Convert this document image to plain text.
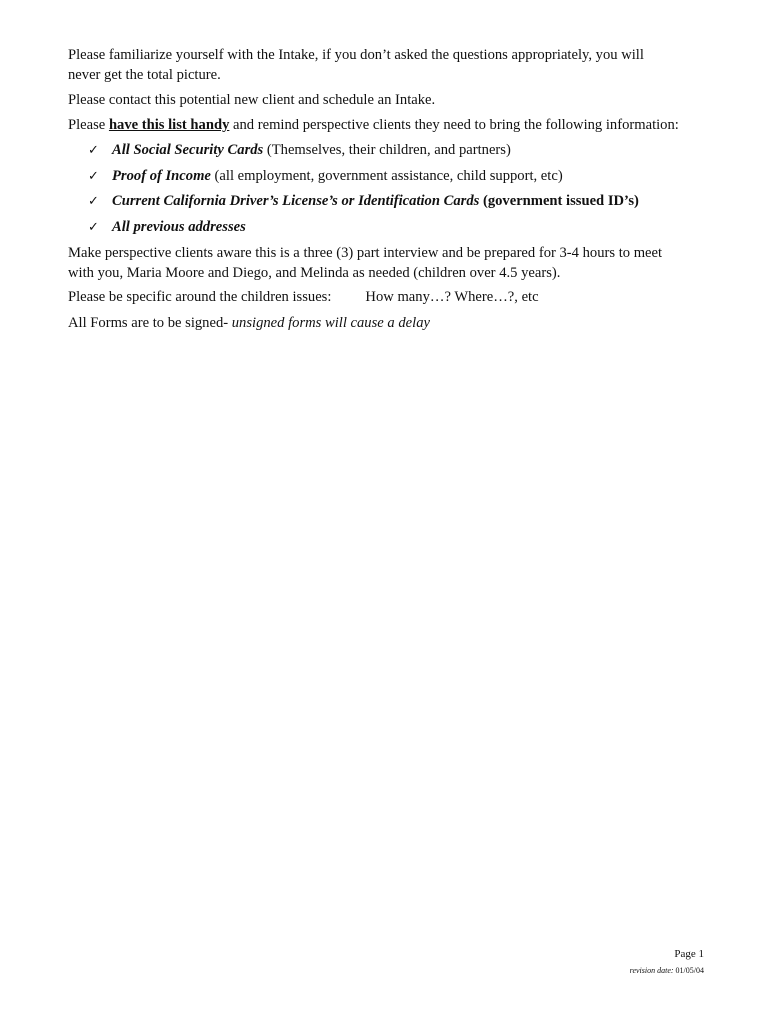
Please familiarize yourself with the Intake, if you don’t asked the questions appropriately, you will
never get the total picture.

Please contact this potential new client and schedule an Intake.

Please have this list handy and remind perspective clients they need to bring the following information:

✓ All Social Security Cards (Themselves, their children, and partners)
✓ Proof of Income (all employment, government assistance, child support, etc)
✓ Current California Driver’s License’s or Identification Cards (government issued ID’s)
✓ All previous addresses

Make perspective clients aware this is a three (3) part interview and be prepared for 3-4 hours to meet
with you, Maria Moore and Diego, and Melinda as needed (children over 4.5 years).

Please be specific around the children issues: How many…? Where…?, etc

All Forms are to be signed- unsigned forms will cause a delay

Page 1
revision date: 01/05/04
